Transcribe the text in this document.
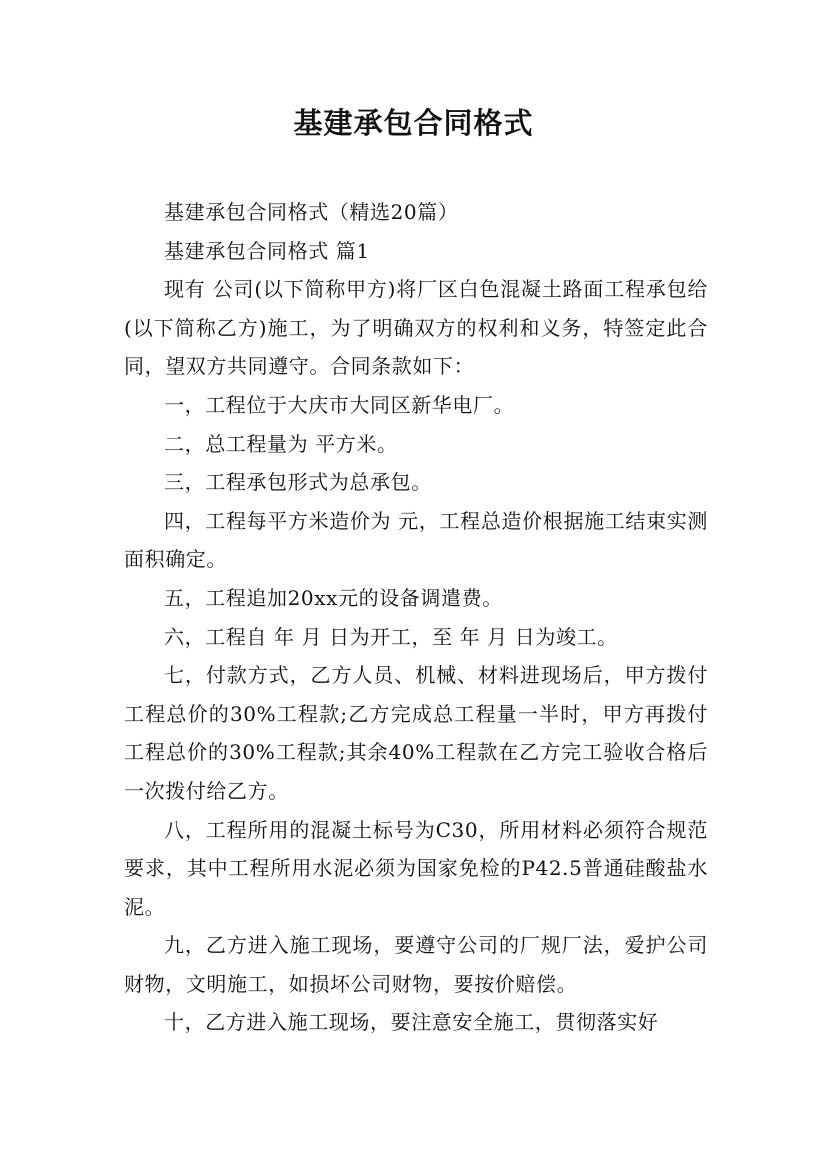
基建承包合同格式

基建承包合同格式（精选20篇）

基建承包合同格式 篇1

现有 公司(以下简称甲方)将厂区白色混凝土路面工程承包给 (以下简称乙方)施工，为了明确双方的权利和义务，特签定此合同，望双方共同遵守。合同条款如下：

一，工程位于大庆市大同区新华电厂。

二，总工程量为 平方米。

三，工程承包形式为总承包。

四，工程每平方米造价为 元，工程总造价根据施工结束实测面积确定。

五，工程追加20xx元的设备调遣费。

六，工程自 年 月 日为开工，至 年 月 日为竣工。

七，付款方式，乙方人员、机械、材料进现场后，甲方拨付工程总价的30%工程款;乙方完成总工程量一半时，甲方再拨付工程总价的30%工程款;其余40%工程款在乙方完工验收合格后一次拨付给乙方。

八，工程所用的混凝土标号为C30，所用材料必须符合规范要求，其中工程所用水泥必须为国家免检的P42.5普通硅酸盐水泥。

九，乙方进入施工现场，要遵守公司的厂规厂法，爱护公司财物，文明施工，如损坏公司财物，要按价赔偿。

十，乙方进入施工现场，要注意安全施工，贯彻落实好
